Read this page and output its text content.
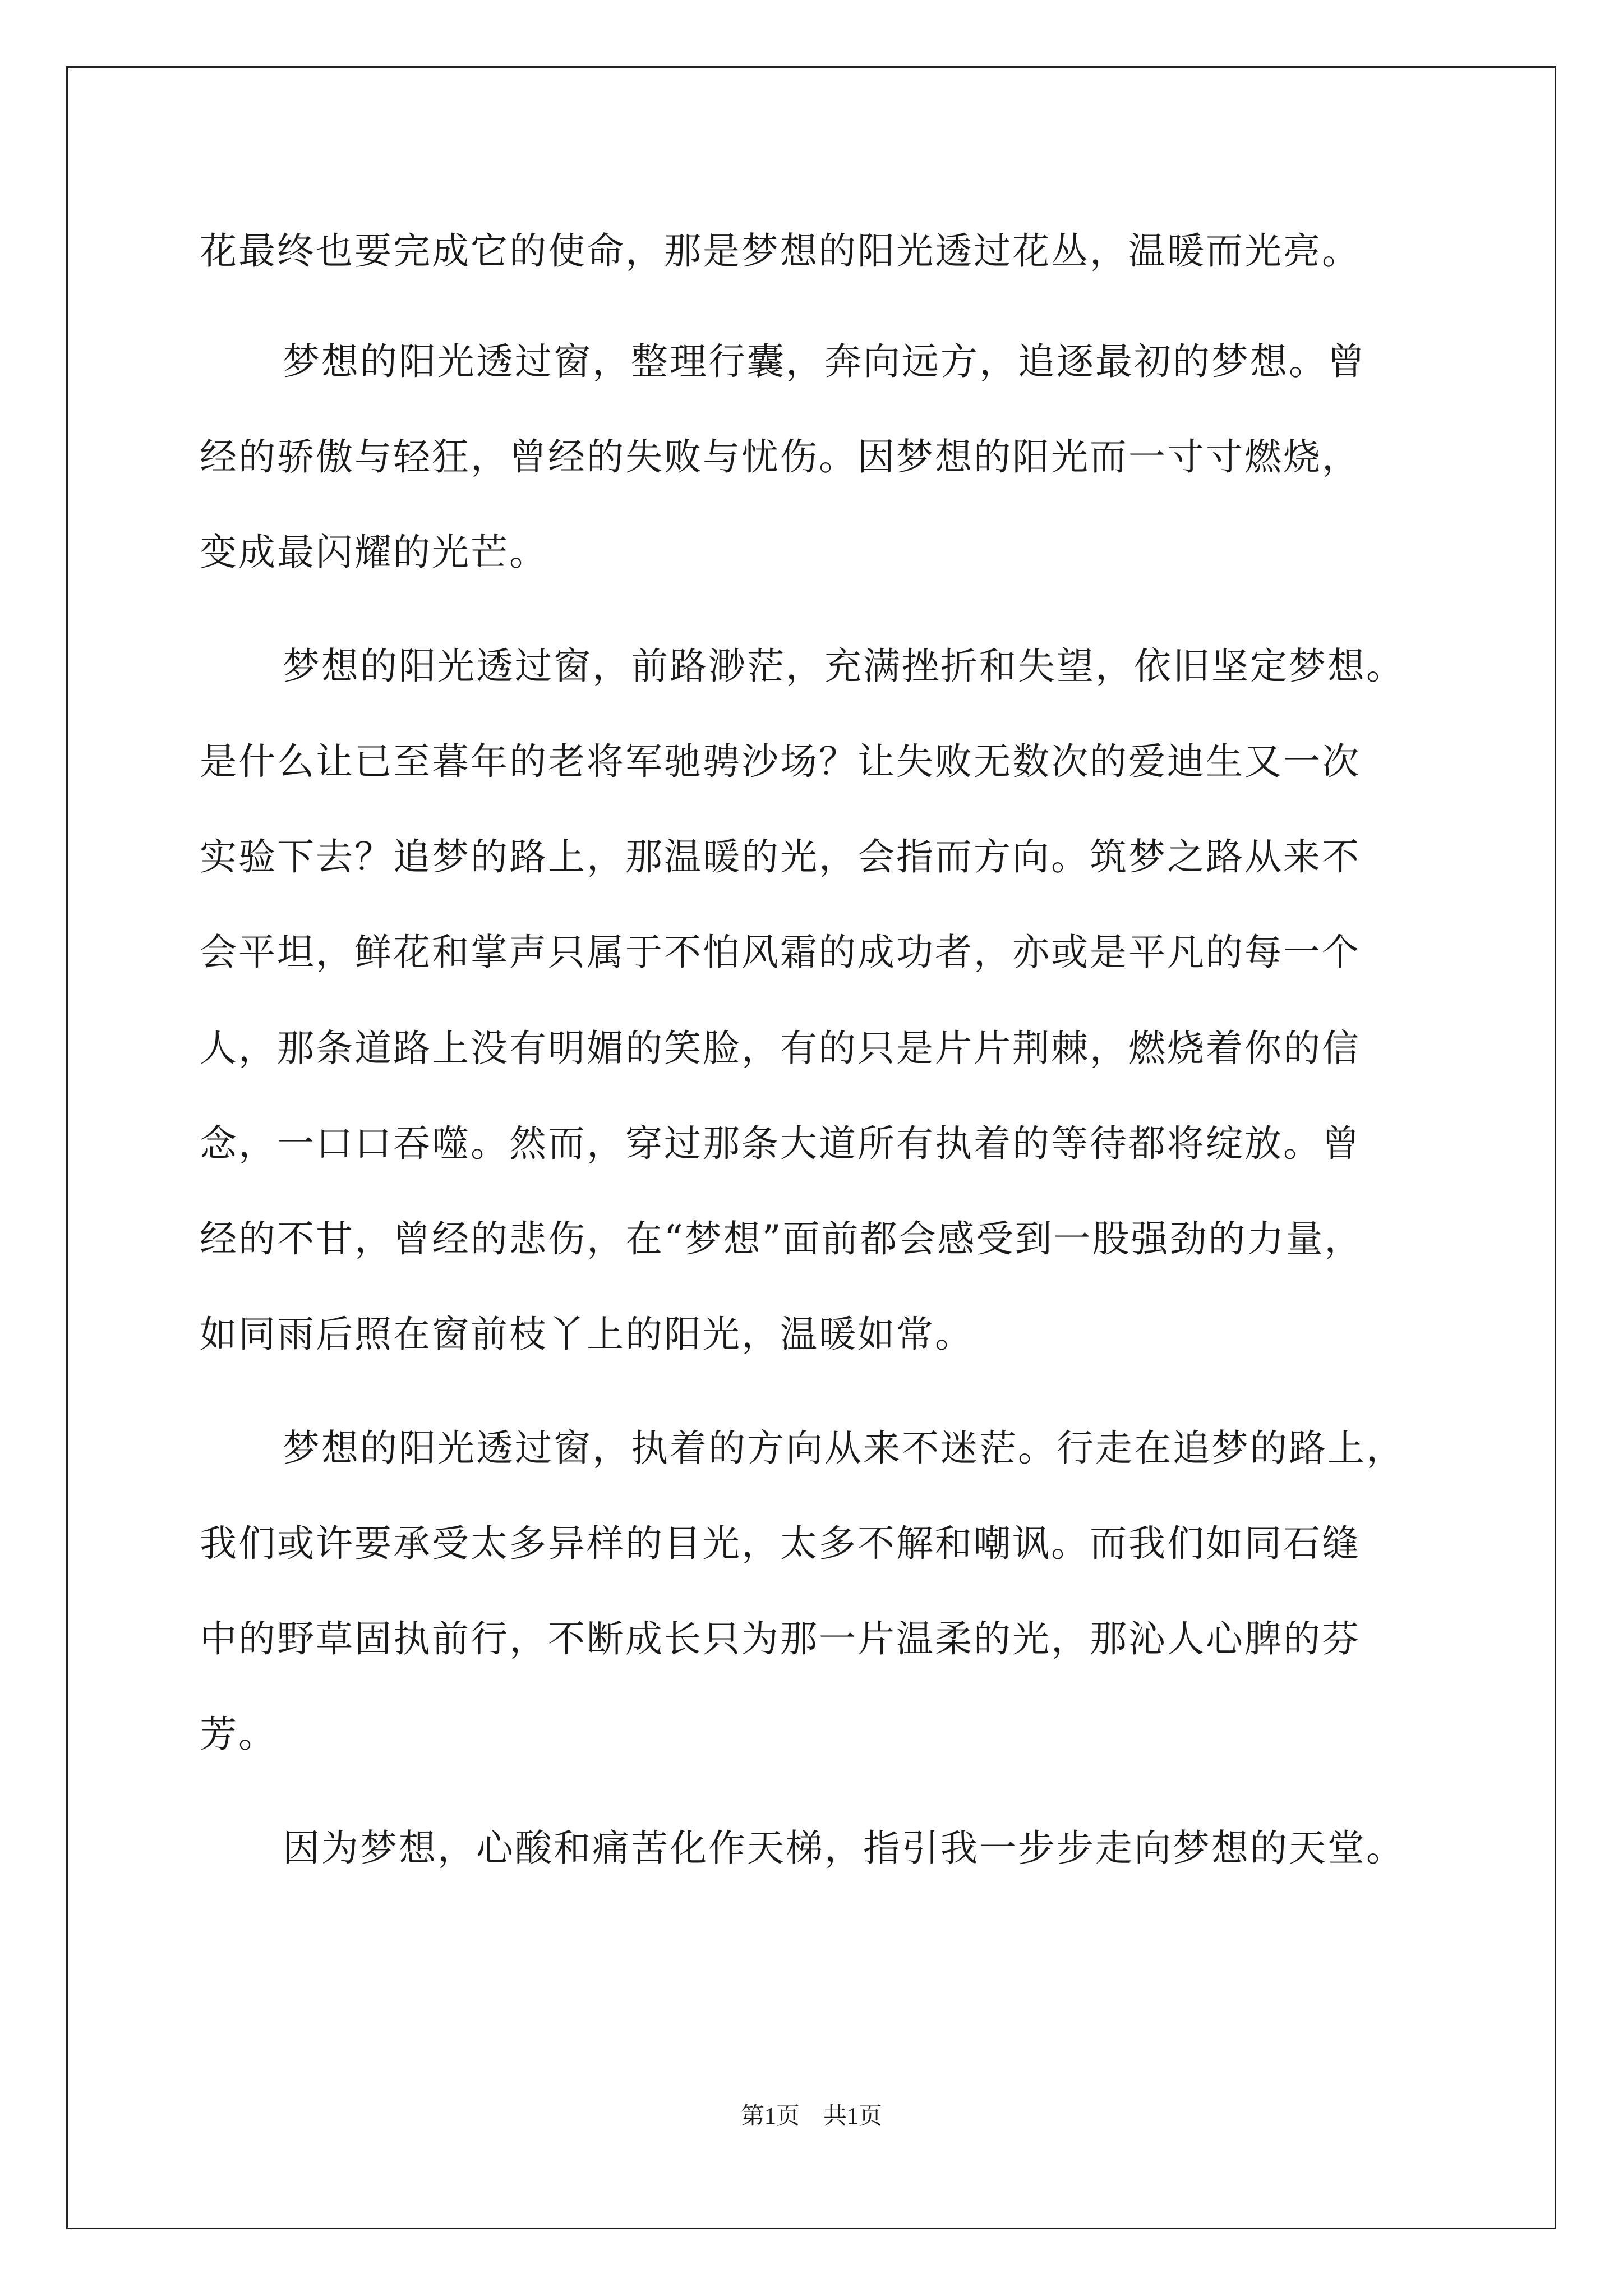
花最终也要完成它的使命，那是梦想的阳光透过花丛，温暖而光亮。
梦想的阳光透过窗，整理行囊，奔向远方，追逐最初的梦想。曾
经的骄傲与轻狂，曾经的失败与忧伤。因梦想的阳光而一寸寸燃烧，
变成最闪耀的光芒。
梦想的阳光透过窗，前路渺茫，充满挫折和失望，依旧坚定梦想。
是什么让已至暮年的老将军驰骋沙场？让失败无数次的爱迪生又一次
实验下去？追梦的路上，那温暖的光，会指而方向。筑梦之路从来不
会平坦，鲜花和掌声只属于不怕风霜的成功者，亦或是平凡的每一个
人，那条道路上没有明媚的笑脸，有的只是片片荆棘，燃烧着你的信
念，一口口吞噬。然而，穿过那条大道所有执着的等待都将绽放。曾
经的不甘，曾经的悲伤，在“梦想”面前都会感受到一股强劲的力量，
如同雨后照在窗前枝丫上的阳光，温暖如常。
梦想的阳光透过窗，执着的方向从来不迷茫。行走在追梦的路上，
我们或许要承受太多异样的目光，太多不解和嘲讽。而我们如同石缝
中的野草固执前行，不断成长只为那一片温柔的光，那沁人心脾的芬
芳。
因为梦想，心酸和痛苦化作天梯，指引我一步步走向梦想的天堂。
第1页　共1页
